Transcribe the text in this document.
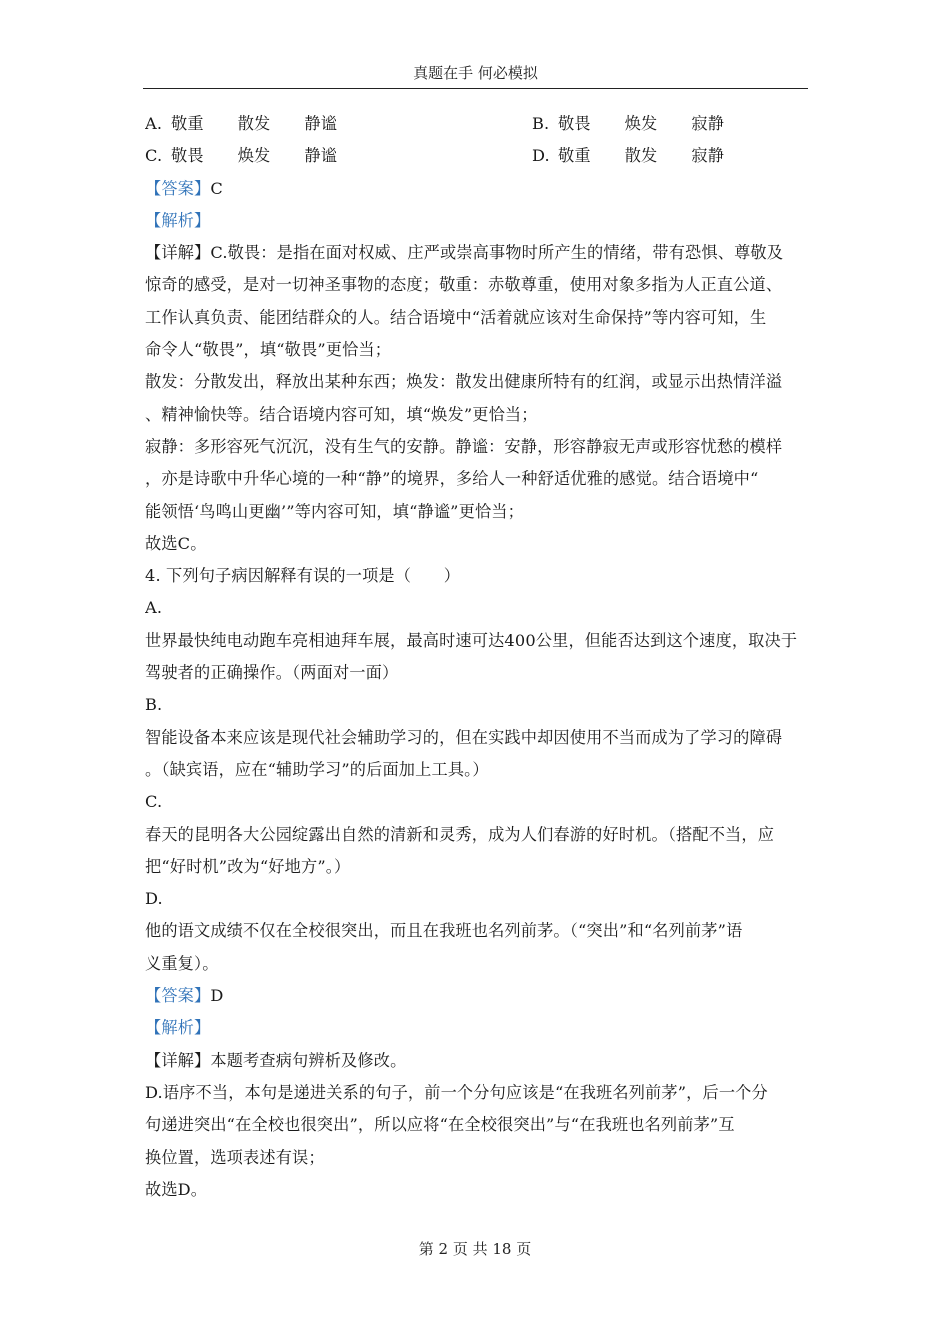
真题在手 何必模拟
A. 敬重 散发 静谧	B. 敬畏 焕发 寂静
C. 敬畏 焕发 静谧	D. 敬重 散发 寂静
【答案】C
【解析】
【详解】C.敬畏：是指在面对权威、庄严或崇高事物时所产生的情绪，带有恐惧、尊敬及
惊奇的感受，是对一切神圣事物的态度；敬重：赤敬尊重，使用对象多指为人正直公道、
工作认真负责、能团结群众的人。结合语境中“活着就应该对生命保持”等内容可知，生
命令人“敬畏”，填“敬畏”更恰当；
散发：分散发出，释放出某种东西；焕发：散发出健康所特有的红润，或显示出热情洋溢
、精神愉快等。结合语境内容可知，填“焕发”更恰当；
寂静：多形容死气沉沉，没有生气的安静。静谧：安静，形容静寂无声或形容忧愁的模样
，亦是诗歌中升华心境的一种“静”的境界，多给人一种舒适优雅的感觉。结合语境中“
能领悟‘鸟鸣山更幽’”等内容可知，填“静谧”更恰当；
故选C。
4. 下列句子病因解释有误的一项是（　　）
A.
世界最快纯电动跑车亮相迪拜车展，最高时速可达400公里，但能否达到这个速度，取决于
驾驶者的正确操作。（两面对一面）
B.
智能设备本来应该是现代社会辅助学习的，但在实践中却因使用不当而成为了学习的障碍
。（缺宾语，应在“辅助学习”的后面加上工具。）
C.
春天的昆明各大公园绽露出自然的清新和灵秀，成为人们春游的好时机。（搭配不当，应
把“好时机”改为“好地方”。）
D.
他的语文成绩不仅在全校很突出，而且在我班也名列前茅。（“突出”和“名列前茅”语
义重复）。
【答案】D
【解析】
【详解】本题考查病句辨析及修改。
D.语序不当，本句是递进关系的句子，前一个分句应该是“在我班名列前茅”，后一个分
句递进突出“在全校也很突出”，所以应将“在全校很突出”与“在我班也名列前茅”互
换位置，选项表述有误；
故选D。
第 2 页 共 18 页
